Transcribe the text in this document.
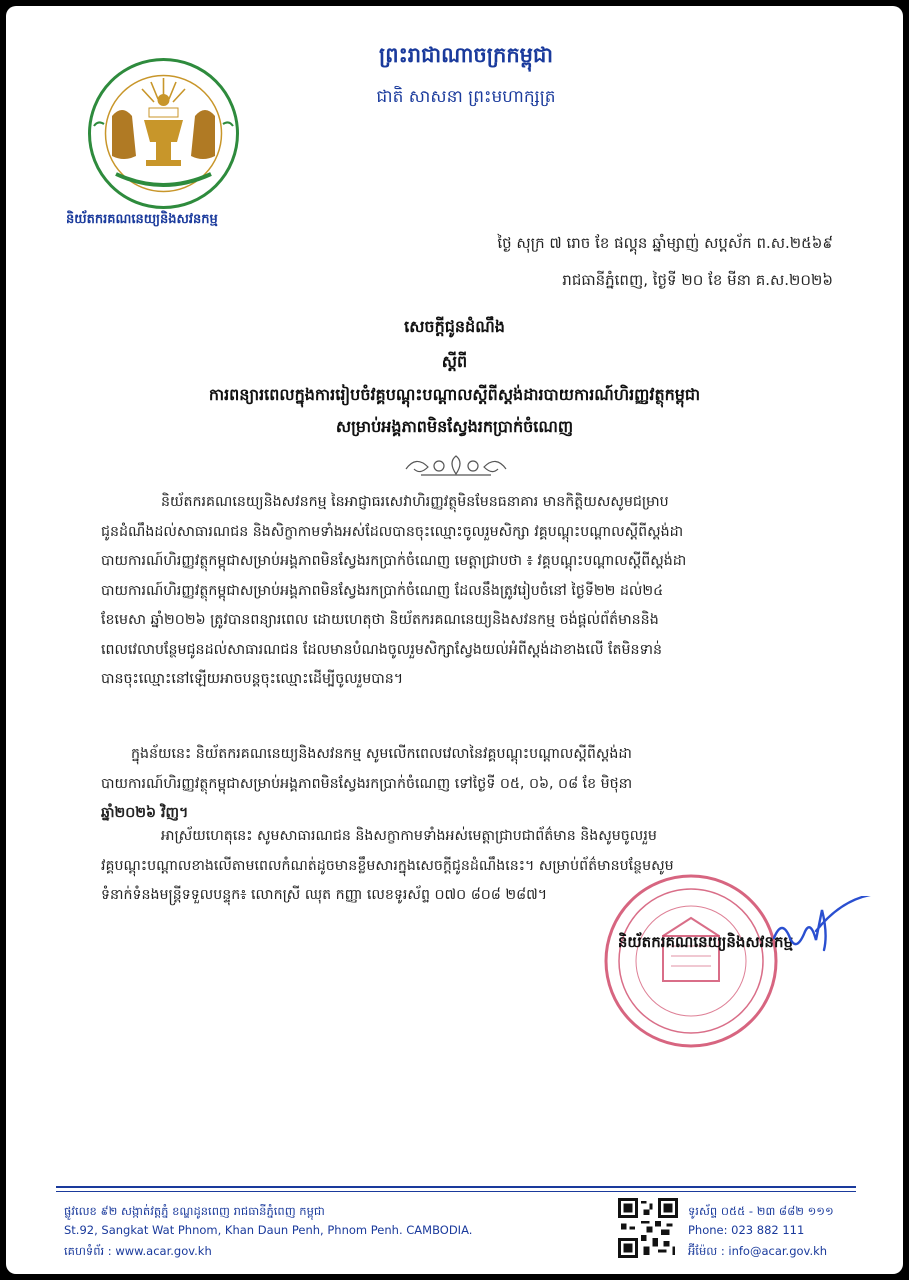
និយ័តករគណនេយ្យនិងសវនកម្ម
ព្រះរាជាណាចក្រកម្ពុជា
ជាតិ សាសនា ព្រះមហាក្សត្រ
ថ្ងៃ សុក្រ ៧ រោច ខែ ផល្គុន ឆ្នាំម្សាញ់ សប្តស័ក ព.ស.២៥៦៩
រាជធានីភ្នំពេញ, ថ្ងៃទី ២០ ខែ មីនា គ.ស.២០២៦
សេចក្តីជូនដំណឹង
ស្តីពី
ការពន្យារពេលក្នុងការរៀបចំវគ្គបណ្តុះបណ្តាលស្តីពីស្តង់ដារបាយការណ៍ហិរញ្ញវត្ថុកម្ពុជា
សម្រាប់អង្គភាពមិនស្វែងរកប្រាក់ចំណេញ
និយ័តករគណនេយ្យនិងសវនកម្ម នៃអាជ្ញាធរសេវាហិរញ្ញវត្ថុមិនមែនធនាគារ មានកិត្តិយសសូមជម្រាប
ជូនដំណឹងដល់សាធារណជន និងសិក្ខាកាមទាំងអស់ដែលបានចុះឈ្មោះចូលរួមសិក្សា វគ្គបណ្តុះបណ្តាលស្តីពីស្តង់ដា
បាយការណ៍ហិរញ្ញវត្ថុកម្ពុជាសម្រាប់អង្គភាពមិនស្វែងរកប្រាក់ចំណេញ មេត្តាជ្រាបថា ៖ វគ្គបណ្តុះបណ្តាលស្តីពីស្តង់ដា
បាយការណ៍ហិរញ្ញវត្ថុកម្ពុជាសម្រាប់អង្គភាពមិនស្វែងរកប្រាក់ចំណេញ ដែលនឹងត្រូវរៀបចំនៅ ថ្ងៃទី២២ ដល់២៤
ខែមេសា ឆ្នាំ២០២៦ ត្រូវបានពន្យារពេល ដោយហេតុថា និយ័តករគណនេយ្យនិងសវនកម្ម ចង់ផ្តល់ព័ត៌មាននិង
ពេលវេលាបន្ថែមជូនដល់សាធារណជន ដែលមានបំណងចូលរួមសិក្សាស្វែងយល់អំពីស្តង់ដាខាងលើ តែមិនទាន់
បានចុះឈ្មោះនៅឡើយអាចបន្តចុះឈ្មោះដើម្បីចូលរួមបាន។
ក្នុងន័យនេះ និយ័តករគណនេយ្យនិងសវនកម្ម សូមលើកពេលវេលានៃវគ្គបណ្តុះបណ្តាលស្តីពីស្តង់ដា
បាយការណ៍ហិរញ្ញវត្ថុកម្ពុជាសម្រាប់អង្គភាពមិនស្វែងរកប្រាក់ចំណេញ ទៅថ្ងៃទី ០៥, ០៦, ០៨ ខែ មិថុនា
ឆ្នាំ២០២៦ វិញ។
អាស្រ័យហេតុនេះ សូមសាធារណជន និងសក្ខាកាមទាំងអស់មេត្តាជ្រាបជាព័ត៌មាន និងសូមចូលរួម
វគ្គបណ្តុះបណ្តាលខាងលើតាមពេលកំណត់ដូចមានខ្លឹមសារក្នុងសេចក្តីជូនដំណឹងនេះ។ សម្រាប់ព័ត៌មានបន្ថែមសូម
ទំនាក់ទំនងមន្ត្រីទទួលបន្ទុក៖ លោកស្រី ឈុត កញ្ញា លេខទូរស័ព្ទ ០៧០ ៨០៨ ២៨៧។
និយ័តករគណនេយ្យនិងសវនកម្ម
ផ្លូវលេខ ៩២ សង្កាត់វត្តភ្នំ ខណ្ឌដូនពេញ រាជធានីភ្នំពេញ កម្ពុជា
St.92, Sangkat Wat Phnom, Khan Daun Penh, Phnom Penh. CAMBODIA.
គេហទំព័រ : www.acar.gov.kh
ទូរស័ព្ទ ០៥៥ - ២៣ ៨៨២ ១១១
Phone: 023 882 111
អ៊ីម៉ែល : info@acar.gov.kh
